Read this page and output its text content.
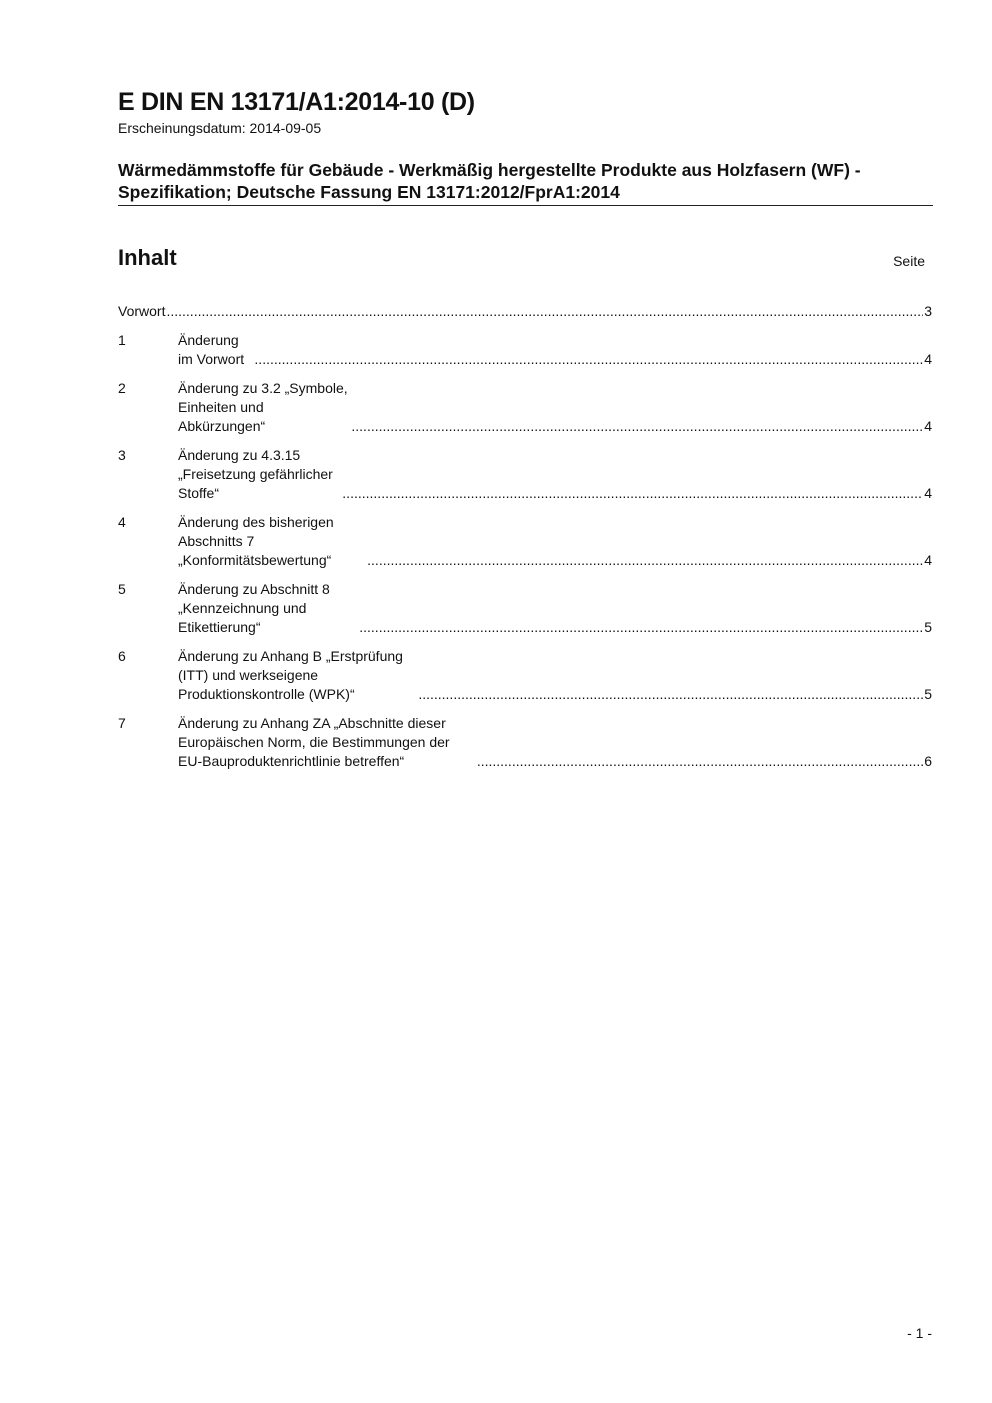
E DIN EN 13171/A1:2014-10 (D)

Erscheinungsdatum: 2014-09-05

Wärmedämmstoffe für Gebäude - Werkmäßig hergestellte Produkte aus Holzfasern (WF) - Spezifikation; Deutsche Fassung EN 13171:2012/FprA1:2014
Inhalt	Seite

Vorwort .....	3
1	Änderung im Vorwort .....	4
2	Änderung zu 3.2 „Symbole, Einheiten und Abkürzungen“ .....	4
3	Änderung zu 4.3.15 „Freisetzung gefährlicher Stoffe“ .....	4
4	Änderung des bisherigen Abschnitts 7 „Konformitätsbewertung“ .....	4
5	Änderung zu Abschnitt 8 „Kennzeichnung und Etikettierung“ .....	5
6	Änderung zu Anhang B „Erstprüfung (ITT) und werkseigene Produktionskontrolle (WPK)“ .....	5
7	Änderung zu Anhang ZA „Abschnitte dieser Europäischen Norm, die Bestimmungen der EU-Bauproduktenrichtlinie betreffen“ .....	6

- 1 -
